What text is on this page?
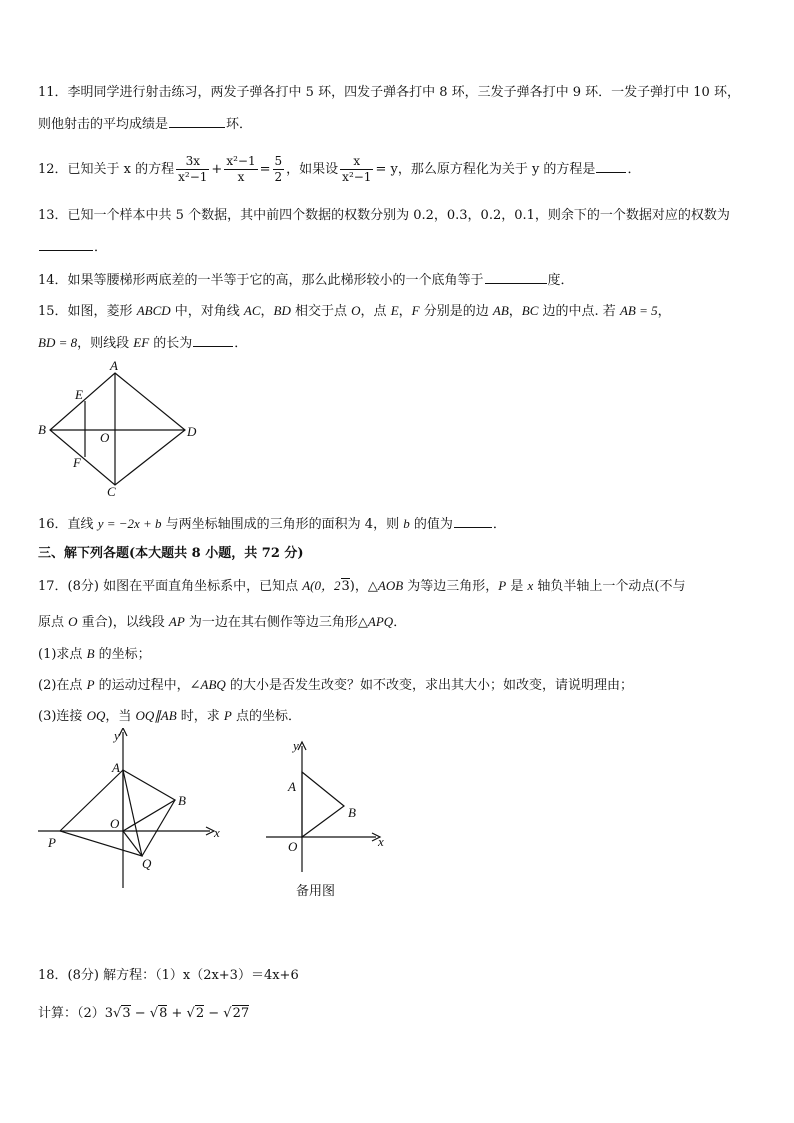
11．李明同学进行射击练习，两发子弹各打中 5 环，四发子弹各打中 8 环，三发子弹各打中 9 环．一发子弹打中 10 环，
则他射击的平均成绩是	环．
12．已知关于 x 的方程 $\frac{3x}{\text{x²−1}} + \frac{\text{x²−1}}{x} = \frac{5}{2}$ ，如果设 $\frac{x}{\text{x²−1}} = y$，那么原方程化为关于 y 的方程是 ．
13．已知一个样本中共 5 个数据，其中前四个数据的权数分别为 0.2，0.3，0.2，0.1，则余下的一个数据对应的权数为
．
14．如果等腰梯形两底差的一半等于它的高，那么此梯形较小的一个底角等于	度．
15．如图，菱形 ABCD 中，对角线 AC，BD 相交于点 O，点 E，F 分别是的边 AB，BC 边的中点. 若 AB = 5，
BD = 8，则线段 EF 的长为	．
A
B
C
D
E
F
O
16．直线 y = −2x + b 与两坐标轴围成的三角形的面积为 4，则 b 的值为	．
三、解下列各题(本大题共 8 小题，共 72 分)
17．(8分) 如图在平面直角坐标系中，已知点 A(0，23)，△AOB 为等边三角形，P 是 x 轴负半轴上一个动点(不与
原点 O 重合)，以线段 AP 为一边在其右侧作等边三角形△APQ．
(1)求点 B 的坐标；
(2)在点 P 的运动过程中，∠ABQ 的大小是否发生改变？如不改变，求出其大小；如改变，请说明理由；
(3)连接 OQ，当 OQ∥AB 时，求 P 点的坐标．
y
x
A
B
O
P
Q
y
x
A
B
O
备用图
18．(8分) 解方程：（1）x（2x+3）＝4x+6
计算：（2）3√3 − √8 + √2 − √27
